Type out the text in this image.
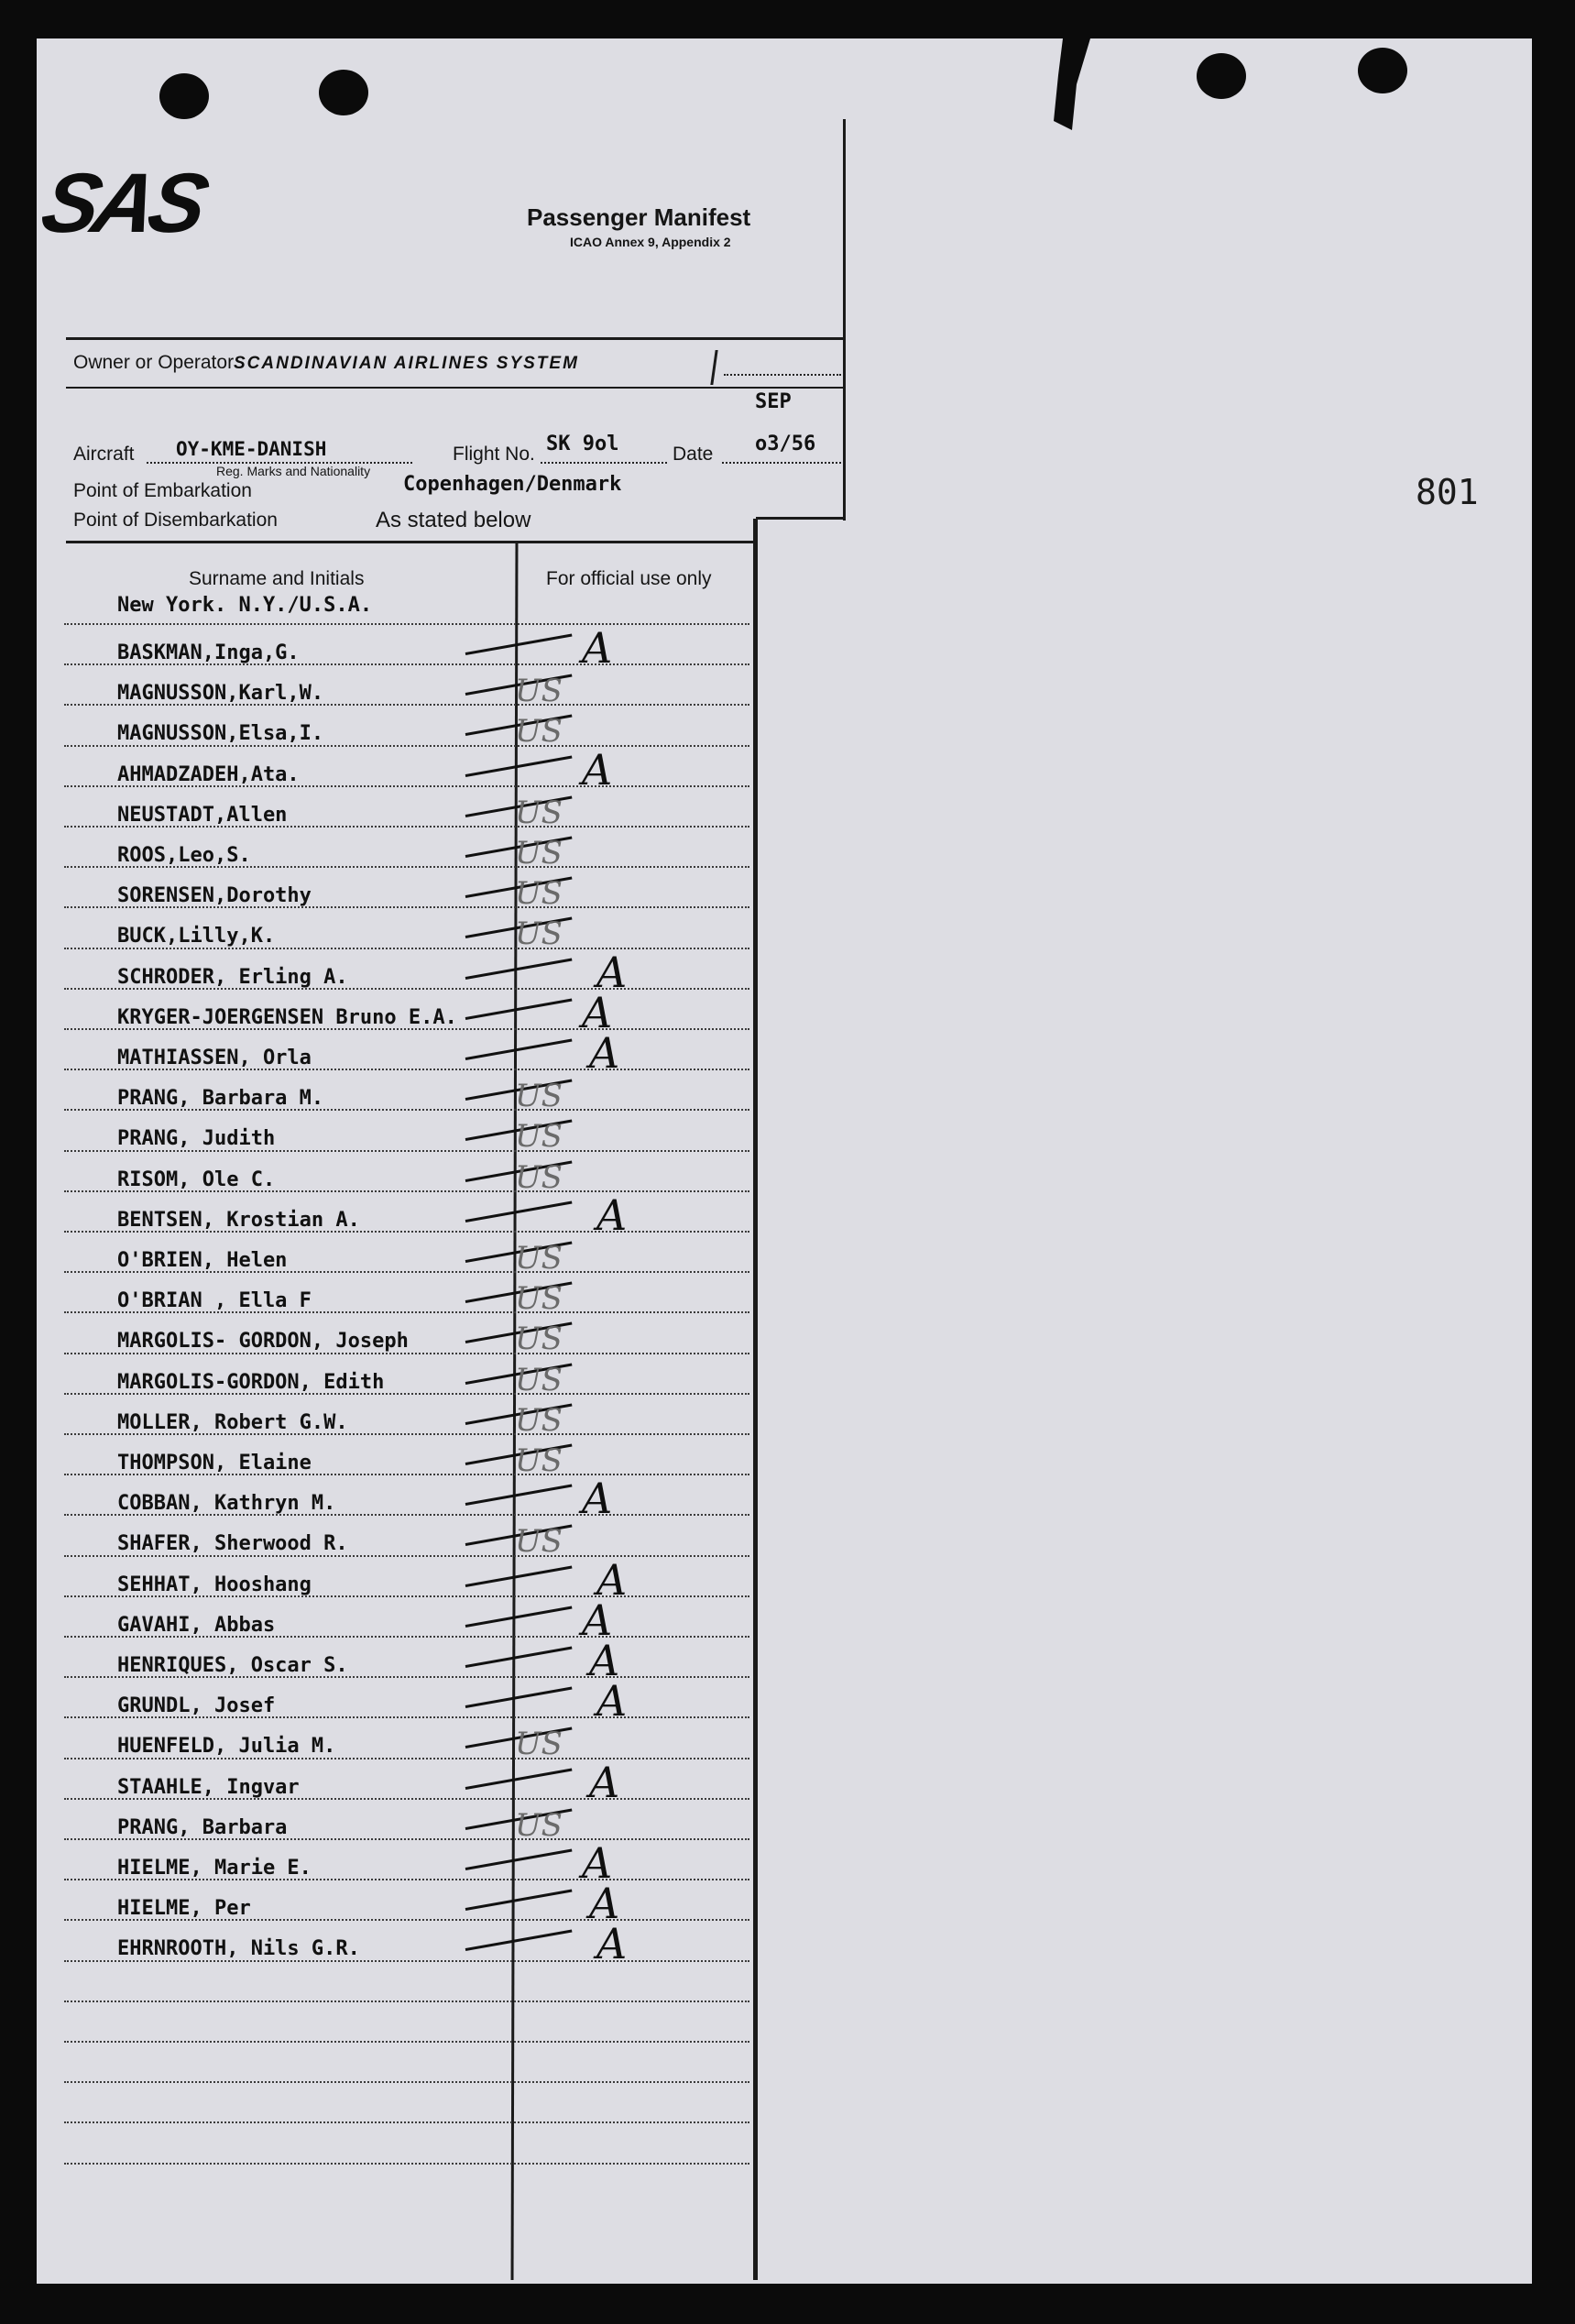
801
SAS	Passenger Manifest
ICAO Annex 9, Appendix 2
Owner or Operator SCANDINAVIAN AIRLINES SYSTEM
SEP
Aircraft OY-KME-DANISH
Reg. Marks and Nationality
Flight No. SK 9ol	Date o3/56
Point of Embarkation	Copenhagen/Denmark
Point of Disembarkation	As stated below
Surname and Initials	For official use only
New York. N.Y./U.S.A.
BASKMAN,Inga,G.	A
MAGNUSSON,Karl,W.	US
MAGNUSSON,Elsa,I.	US
AHMADZADEH,Ata.	A
NEUSTADT,Allen	US
ROOS,Leo,S.	US
SORENSEN,Dorothy	US
BUCK,Lilly,K.	US
SCHRODER, Erling A.	A
KRYGER-JOERGENSEN Bruno E.A.	A
MATHIASSEN, Orla	A
PRANG, Barbara M.	US
PRANG, Judith	US
RISOM, Ole C.	US
BENTSEN, Krostian A.	A
O'BRIEN, Helen	US
O'BRIAN , Ella F	US
MARGOLIS- GORDON, Joseph	US
MARGOLIS-GORDON, Edith	US
MOLLER, Robert G.W.	US
THOMPSON, Elaine	US
COBBAN, Kathryn M.	A
SHAFER, Sherwood R.	US
SEHHAT, Hooshang	A
GAVAHI, Abbas	A
HENRIQUES, Oscar S.	A
GRUNDL, Josef	A
HUENFELD, Julia M.	US
STAAHLE, Ingvar	A
PRANG, Barbara	US
HIELME, Marie E.	A
HIELME, Per	A
EHRNROOTH, Nils G.R.	A
